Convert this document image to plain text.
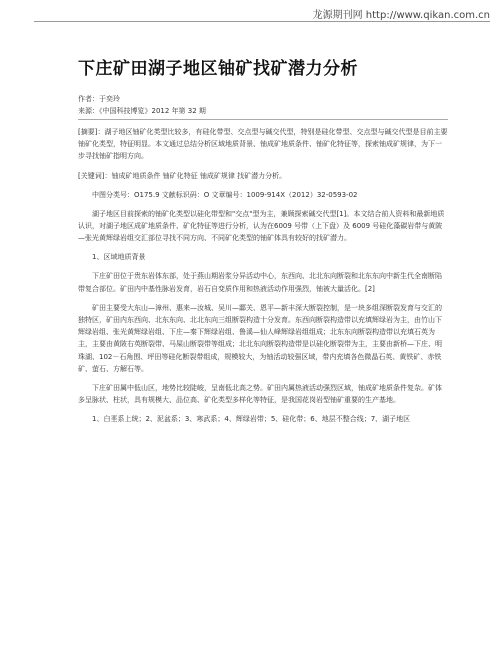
龙源期刊网 http://www.qikan.com.cn
下庄矿田湖子地区铀矿找矿潜力分析

作者：于奕玲

来源：《中国科技博览》2012 年第 32 期

[摘要]：湖子地区铀矿化类型比较多，有硅化带型、交点型与碱交代型，特别是硅化带型、交点型与碱交代型是目前主要铀矿化类型，特征明显。本文通过总结分析区域地质背景、铀成矿地质条件、铀矿化特征等，探索铀成矿规律，为下一步寻找铀矿指明方向。

[关键词]：铀成矿地质条件 铀矿化特征 铀成矿规律 找矿潜力分析。

中图分类号：O175.9 文献标识码：O 文章编号：1009-914X（2012）32-0593-02

湖子地区目前探索的铀矿化类型以硅化带型和"交点"型为主，兼顾探索碱交代型[1]。本文结合前人资料和最新地质认识，对湖子地区成矿地质条件、矿化特征等进行分析，认为在6009 号带（上下盘）及 6009 号硅化藻碳岩带与黄陂—张光黄辉绿岩组交汇部位寻找不同方向、不同矿化类型的铀矿体具有较好的找矿潜力。

1、区域地质背景

下庄矿田位于贵东岩体东部，处于燕山期岩浆分异活动中心，东西向、北北东向断裂和北东东向中新生代全南断陷带复合部位。矿田内中基性脉岩发育，岩石自变质作用和热液活动作用强烈，铀被大量活化。[2]

矿田主要受大东山—漳州、惠来—汝城、吴川—酃关、恩平—新丰深大断裂控制，是一块多组深断裂发育与交汇的独特区，矿田内东西向、北东东向、北北东向三组断裂构造十分发育。东西向断裂构造带以充填辉绿岩为主，由竹山下辉绿岩组、张光黄辉绿岩组、下庄—秦下辉绿岩组、鲁溪—仙人峰辉绿岩组组成；北东东向断裂构造带以充填石英为主，主要由黄陂右英断裂带、马屎山断裂带等组成；北北东向断裂构造带是以硅化断裂带为主，主要由新桥—下庄、明珠湖、102－石角围、坪田等硅化断裂带组成，规模较大，为铀活动较强区域，带内充填各色微晶石英、黄铁矿、赤铁矿、萤石、方解石等。

下庄矿田属中低山区，地势比较陡峻，呈南低北高之势。矿田内属热液活动强烈区域，铀成矿地质条件复杂。矿体多呈脉状、柱状，具有规模大、品位高、矿化类型多样化等特征，是我国花岗岩型铀矿重要的生产基地。

1、白垩系上统；2、泥盆系；3、寒武系；4、辉绿岩带；5、硅化带；6、地层不整合线；7、湖子地区
